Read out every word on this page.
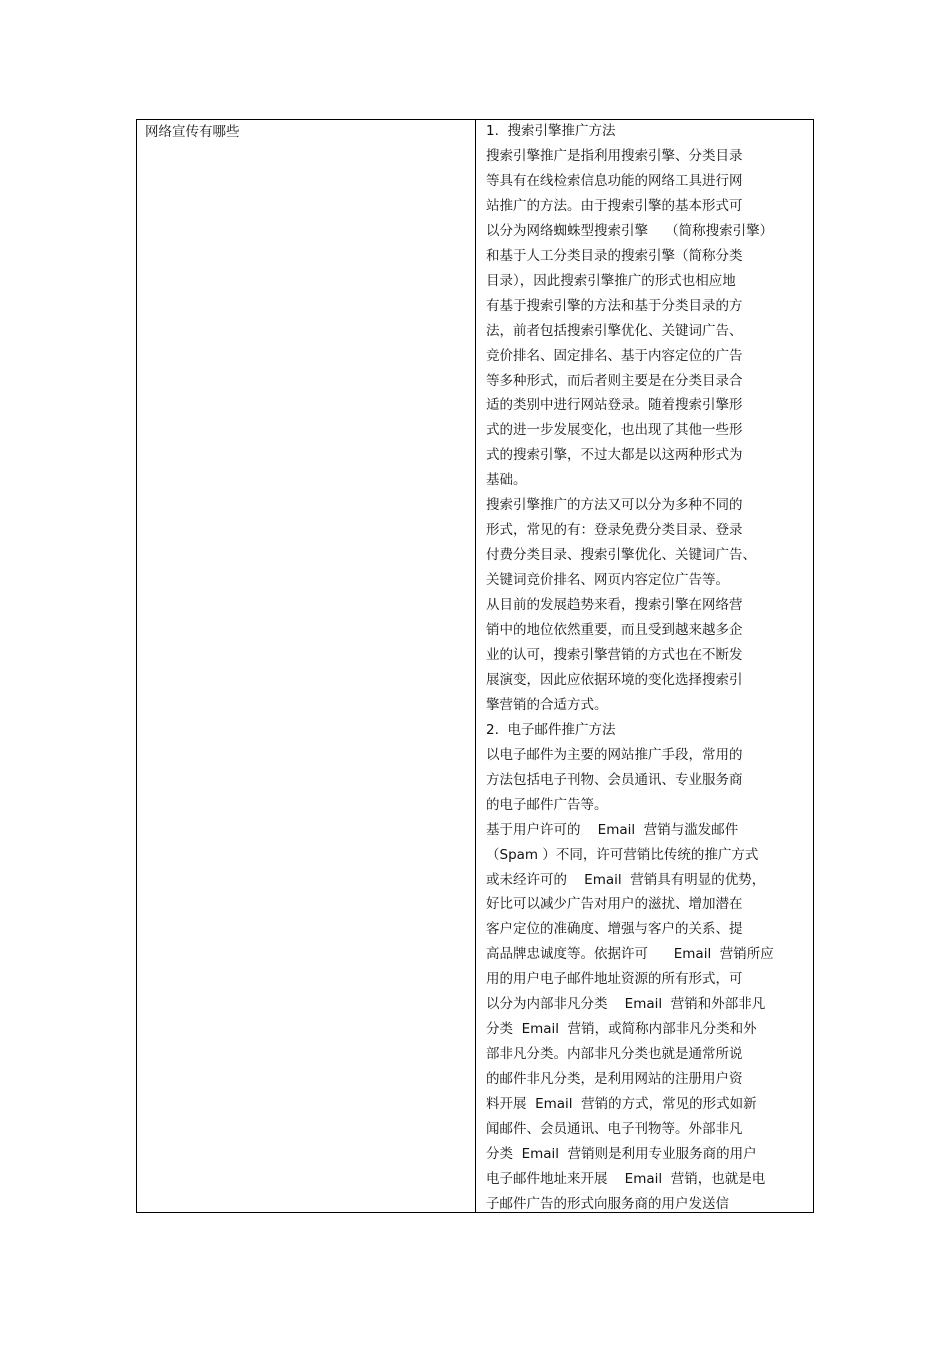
网络宣传有哪些	1.  搜索引擎推广方法
搜索引擎推广是指利用搜索引擎、分类目录
等具有在线检索信息功能的网络工具进行网
站推广的方法。由于搜索引擎的基本形式可
以分为网络蜘蛛型搜索引擎    （简称搜索引擎）
和基于人工分类目录的搜索引擎（简称分类
目录），因此搜索引擎推广的形式也相应地
有基于搜索引擎的方法和基于分类目录的方
法，前者包括搜索引擎优化、关键词广告、
竞价排名、固定排名、基于内容定位的广告
等多种形式，而后者则主要是在分类目录合
适的类别中进行网站登录。随着搜索引擎形
式的进一步发展变化，也出现了其他一些形
式的搜索引擎，不过大都是以这两种形式为
基础。
搜索引擎推广的方法又可以分为多种不同的
形式，常见的有：登录免费分类目录、登录
付费分类目录、搜索引擎优化、关键词广告、
关键词竞价排名、网页内容定位广告等。
从目前的发展趋势来看，搜索引擎在网络营
销中的地位依然重要，而且受到越来越多企
业的认可，搜索引擎营销的方式也在不断发
展演变，因此应依据环境的变化选择搜索引
擎营销的合适方式。
2.  电子邮件推广方法
以电子邮件为主要的网站推广手段，常用的
方法包括电子刊物、会员通讯、专业服务商
的电子邮件广告等。
基于用户许可的    Email  营销与滥发邮件
（Spam ）不同，许可营销比传统的推广方式
或未经许可的    Email  营销具有明显的优势，
好比可以减少广告对用户的滋扰、增加潜在
客户定位的准确度、增强与客户的关系、提
高品牌忠诚度等。依据许可      Email  营销所应
用的用户电子邮件地址资源的所有形式，可
以分为内部非凡分类    Email  营销和外部非凡
分类  Email  营销，或简称内部非凡分类和外
部非凡分类。内部非凡分类也就是通常所说
的邮件非凡分类，是利用网站的注册用户资
料开展  Email  营销的方式，常见的形式如新
闻邮件、会员通讯、电子刊物等。外部非凡
分类  Email  营销则是利用专业服务商的用户
电子邮件地址来开展    Email  营销，也就是电
子邮件广告的形式向服务商的用户发送信
